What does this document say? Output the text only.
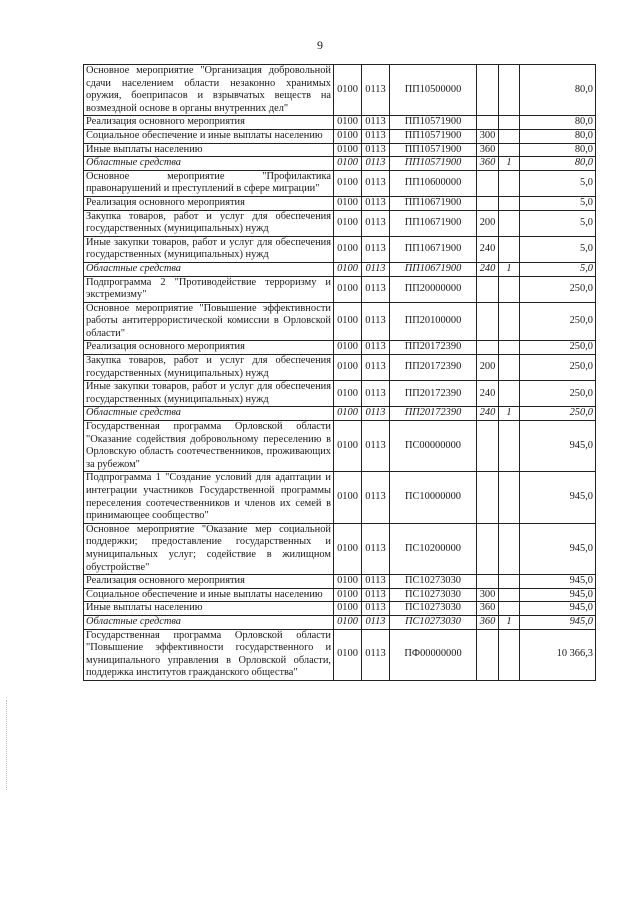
9
Основное мероприятие "Организация добровольной сдачи населением области незаконно хранимых оружия, боеприпасов и взрывчатых веществ на возмездной основе в органы внутренних дел"	0100	0113	ПП10500000			80,0
Реализация основного мероприятия	0100	0113	ПП10571900			80,0
Социальное обеспечение и иные выплаты населению	0100	0113	ПП10571900	300		80,0
Иные выплаты населению	0100	0113	ПП10571900	360		80,0
Областные средства	0100	0113	ПП10571900	360	1	80,0
Основное мероприятие "Профилактика правонарушений и преступлений в сфере миграции"	0100	0113	ПП10600000			5,0
Реализация основного мероприятия	0100	0113	ПП10671900			5,0
Закупка товаров, работ и услуг для обеспечения государственных (муниципальных) нужд	0100	0113	ПП10671900	200		5,0
Иные закупки товаров, работ и услуг для обеспечения государственных (муниципальных) нужд	0100	0113	ПП10671900	240		5,0
Областные средства	0100	0113	ПП10671900	240	1	5,0
Подпрограмма 2 "Противодействие терроризму и экстремизму"	0100	0113	ПП20000000			250,0
Основное мероприятие "Повышение эффективности работы антитеррористической комиссии в Орловской области"	0100	0113	ПП20100000			250,0
Реализация основного мероприятия	0100	0113	ПП20172390			250,0
Закупка товаров, работ и услуг для обеспечения государственных (муниципальных) нужд	0100	0113	ПП20172390	200		250,0
Иные закупки товаров, работ и услуг для обеспечения государственных (муниципальных) нужд	0100	0113	ПП20172390	240		250,0
Областные средства	0100	0113	ПП20172390	240	1	250,0
Государственная программа Орловской области "Оказание содействия добровольному переселению в Орловскую область соотечественников, проживающих за рубежом"	0100	0113	ПС00000000			945,0
Подпрограмма 1 "Создание условий для адаптации и интеграции участников Государственной программы переселения соотечественников и членов их семей в принимающее сообщество"	0100	0113	ПС10000000			945,0
Основное мероприятие "Оказание мер социальной поддержки; предоставление государственных и муниципальных услуг; содействие в жилищном обустройстве"	0100	0113	ПС10200000			945,0
Реализация основного мероприятия	0100	0113	ПС10273030			945,0
Социальное обеспечение и иные выплаты населению	0100	0113	ПС10273030	300		945,0
Иные выплаты населению	0100	0113	ПС10273030	360		945,0
Областные средства	0100	0113	ПС10273030	360	1	945,0
Государственная программа Орловской области "Повышение эффективности государственного и муниципального управления в Орловской области, поддержка институтов гражданского общества"	0100	0113	ПФ00000000			10 366,3
